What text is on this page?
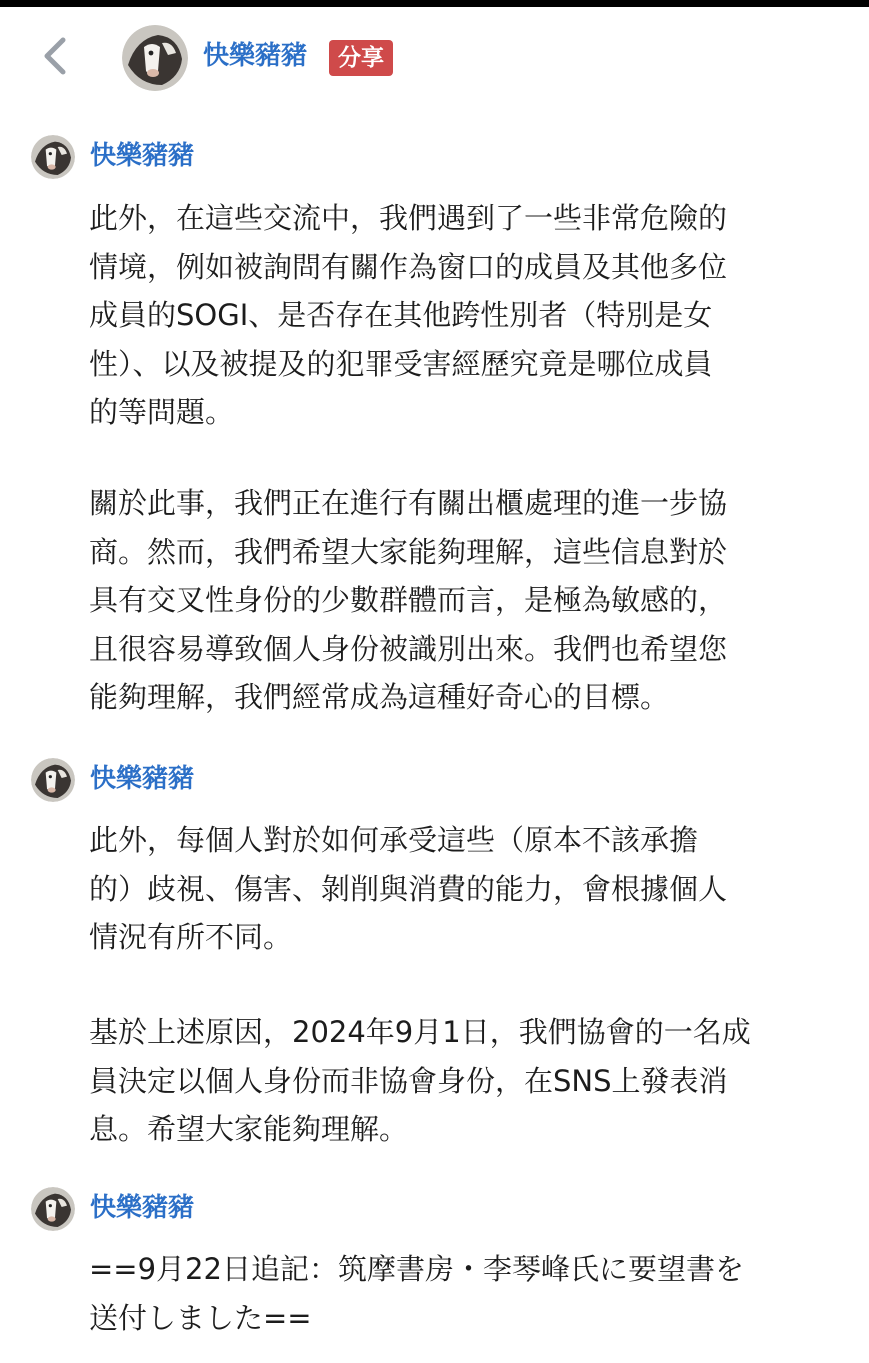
快樂豬豬	分享
快樂豬豬

此外，在這些交流中，我們遇到了一些非常危險的
情境，例如被詢問有關作為窗口的成員及其他多位
成員的SOGI、是否存在其他跨性別者（特別是女
性）、以及被提及的犯罪受害經歷究竟是哪位成員
的等問題。

關於此事，我們正在進行有關出櫃處理的進一步協
商。然而，我們希望大家能夠理解，這些信息對於
具有交叉性身份的少數群體而言，是極為敏感的，
且很容易導致個人身份被識別出來。我們也希望您
能夠理解，我們經常成為這種好奇心的目標。

快樂豬豬

此外，每個人對於如何承受這些（原本不該承擔
的）歧視、傷害、剝削與消費的能力，會根據個人
情況有所不同。

基於上述原因，2024年9月1日，我們協會的一名成
員決定以個人身份而非協會身份，在SNS上發表消
息。希望大家能夠理解。

快樂豬豬

==9月22日追記：筑摩書房・李琴峰氏に要望書を
送付しました==
